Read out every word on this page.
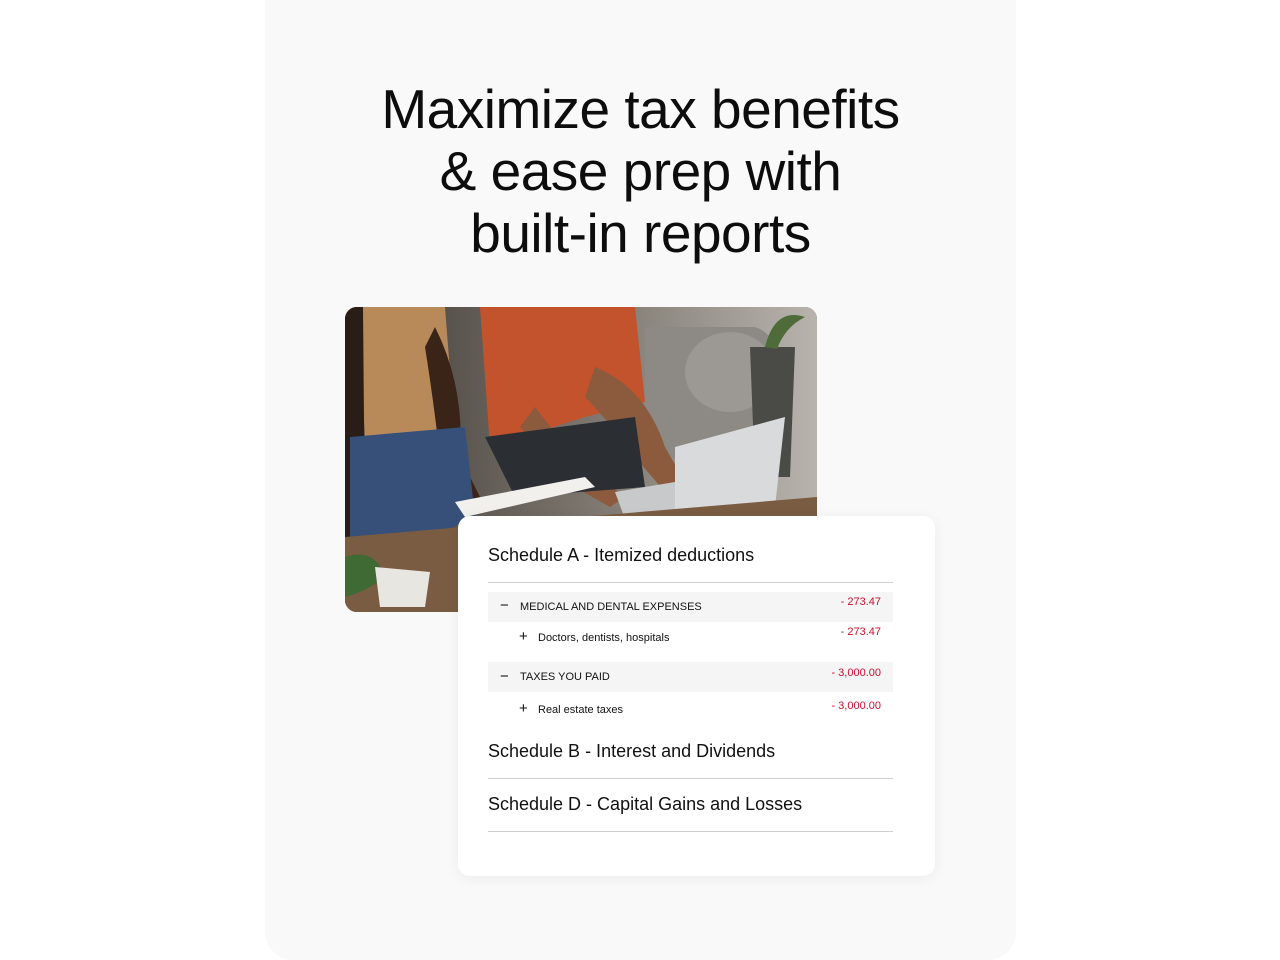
Maximize tax benefits
& ease prep with
built-in reports
Schedule A - Itemized deductions
− MEDICAL AND DENTAL EXPENSES	- 273.47
+ Doctors, dentists, hospitals	- 273.47
− TAXES YOU PAID	- 3,000.00
+ Real estate taxes	- 3,000.00
Schedule B - Interest and Dividends
Schedule D - Capital Gains and Losses
